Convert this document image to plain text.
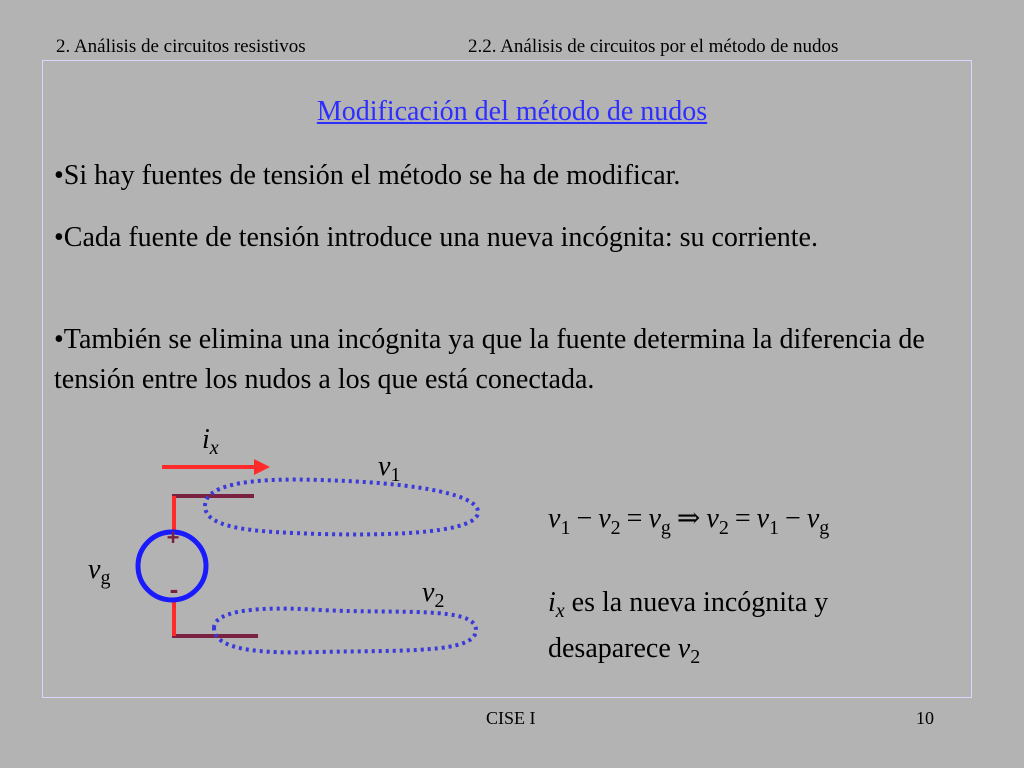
2. Análisis de circuitos resistivos	2.2. Análisis de circuitos por el método de nudos
Modificación del método de nudos
•Si hay fuentes de tensión el método se ha de modificar.
•Cada fuente de tensión introduce una nueva incógnita: su corriente.
•También se elimina una incógnita ya que la fuente determina la diferencia de tensión entre los nudos a los que está conectada.
+
-
$i_x$
$v_1$
$v_2$
$v_g$
$v_1 - v_2 = v_g$ ⇒ $v_2 = v_1 - v_g$
$i_x$ es la nueva incógnita y desaparece $v_2$
CISE I	10
